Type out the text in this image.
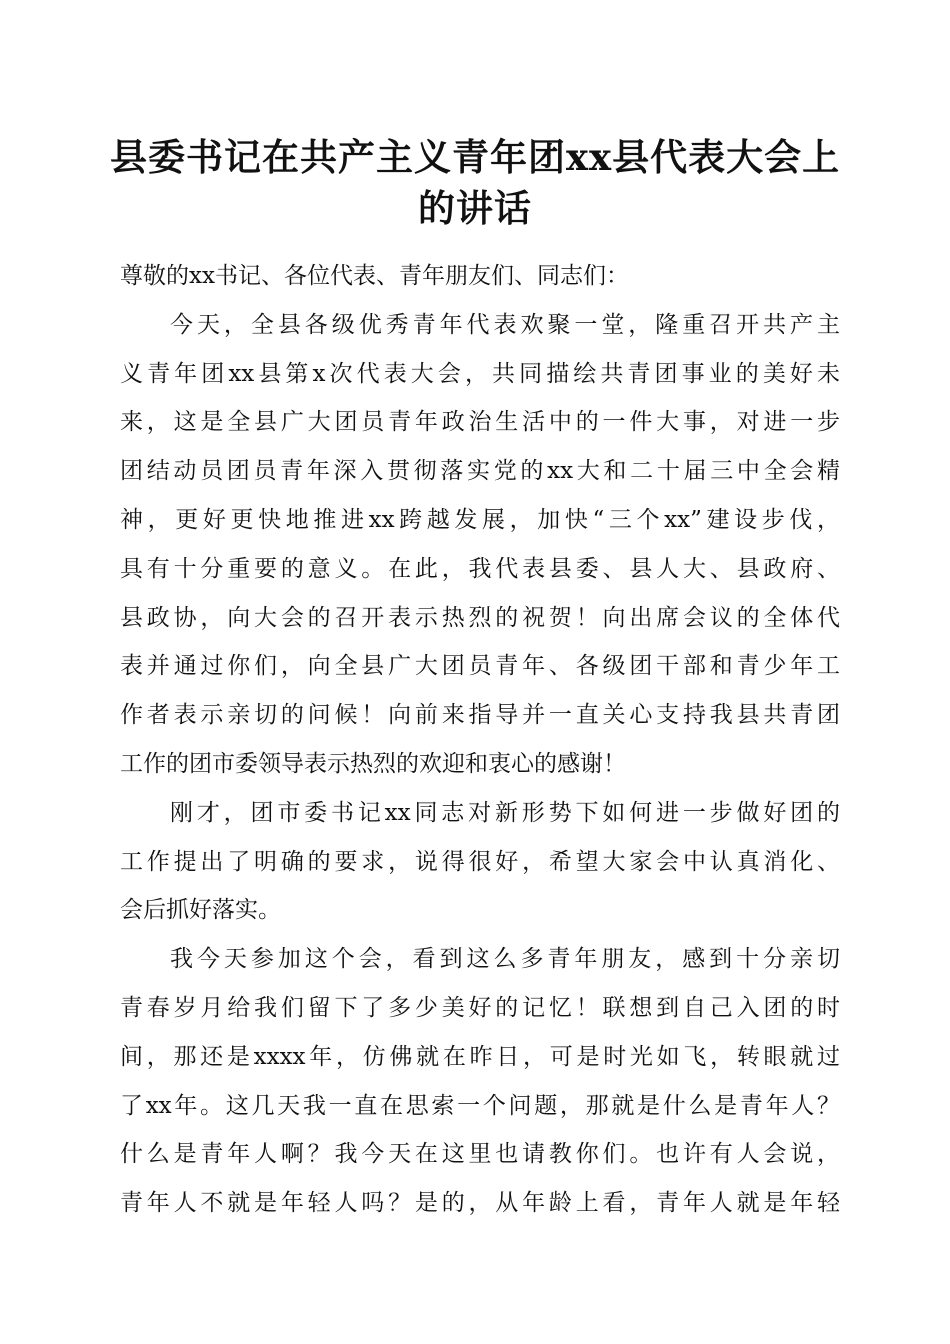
县委书记在共产主义青年团xx县代表大会上
的讲话
尊敬的xx书记、各位代表、青年朋友们、同志们：
今天，全县各级优秀青年代表欢聚一堂，隆重召开共产主
义青年团xx县第x次代表大会，共同描绘共青团事业的美好未
来，这是全县广大团员青年政治生活中的一件大事，对进一步
团结动员团员青年深入贯彻落实党的xx大和二十届三中全会精
神，更好更快地推进xx跨越发展，加快“三个xx”建设步伐，
具有十分重要的意义。在此，我代表县委、县人大、县政府、
县政协，向大会的召开表示热烈的祝贺！向出席会议的全体代
表并通过你们，向全县广大团员青年、各级团干部和青少年工
作者表示亲切的问候！向前来指导并一直关心支持我县共青团
工作的团市委领导表示热烈的欢迎和衷心的感谢！
刚才，团市委书记xx同志对新形势下如何进一步做好团的
工作提出了明确的要求，说得很好，希望大家会中认真消化、
会后抓好落实。
我今天参加这个会，看到这么多青年朋友，感到十分亲切
青春岁月给我们留下了多少美好的记忆！联想到自己入团的时
间，那还是xxxx年，仿佛就在昨日，可是时光如飞，转眼就过
了xx年。这几天我一直在思索一个问题，那就是什么是青年人？
什么是青年人啊？我今天在这里也请教你们。也许有人会说，
青年人不就是年轻人吗？是的，从年龄上看，青年人就是年轻
